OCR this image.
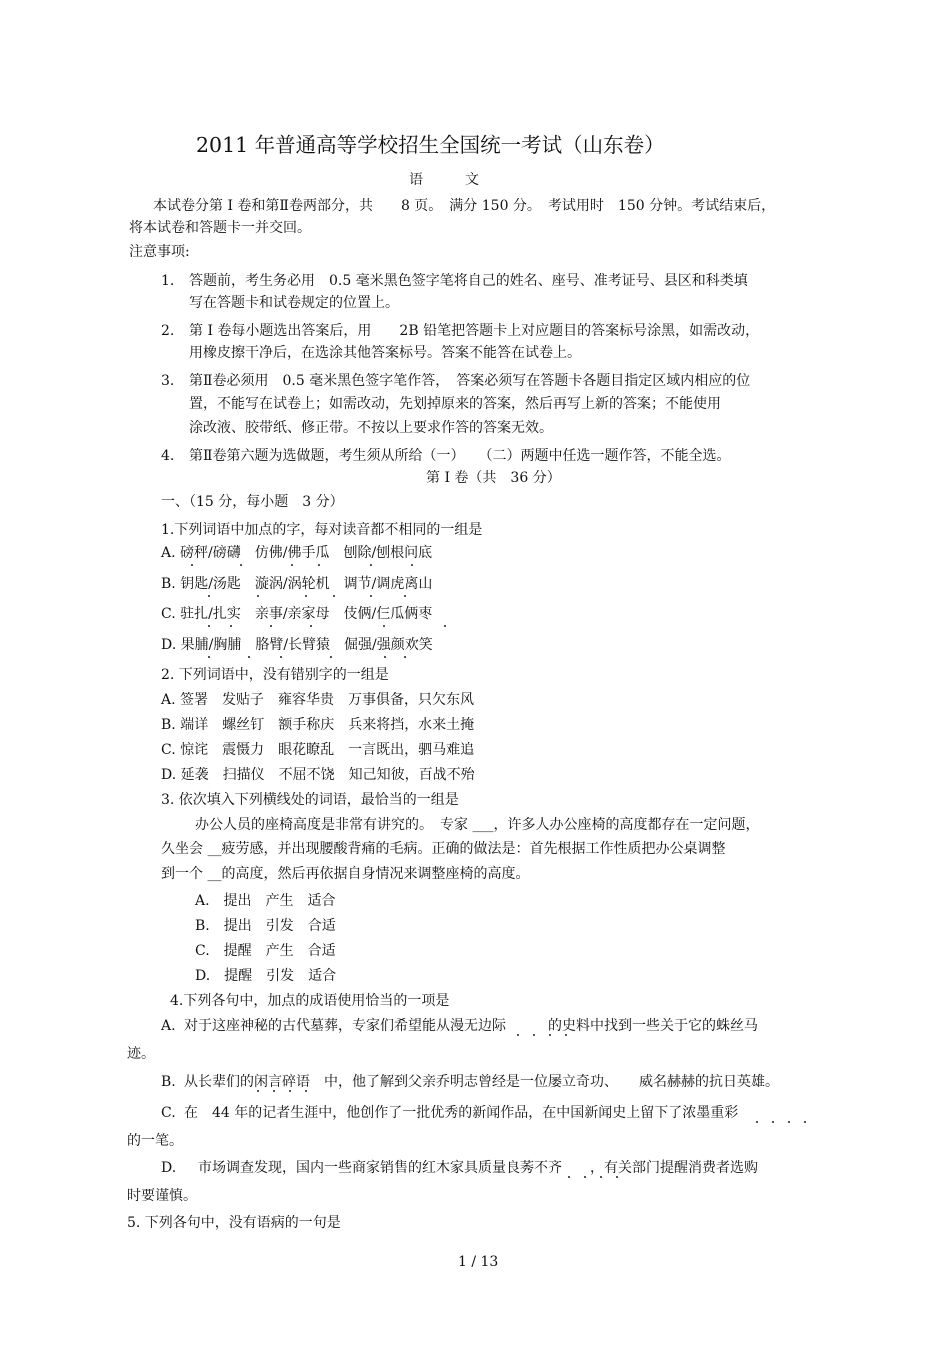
2011 年普通高等学校招生全国统一考试（山东卷）
语　　　文
本试卷分第 I 卷和第Ⅱ卷两部分，共　　8 页。　满分 150 分。　考试用时　150 分钟。考试结束后，
将本试卷和答题卡一并交回。
注意事项:
1. 答题前，考生务必用　0.5 毫米黑色签字笔将自己的姓名、座号、准考证号、县区和科类填
写在答题卡和试卷规定的位置上。
2. 第 I 卷每小题选出答案后，用　　2B 铅笔把答题卡上对应题目的答案标号涂黑，如需改动，
用橡皮擦干净后，在选涂其他答案标号。答案不能答在试卷上。
3. 第Ⅱ卷必须用　0.5 毫米黑色签字笔作答，　答案必须写在答题卡各题目指定区域内相应的位
置，不能写在试卷上；如需改动，先划掉原来的答案，然后再写上新的答案；不能使用
涂改液、胶带纸、修正带。不按以上要求作答的答案无效。
4. 第Ⅱ卷第六题为选做题，考生须从所给（一）　　（二）两题中任选一题作答，不能全选。
第 I 卷（共　36 分）
一、（15 分，每小题　3 分）
1.下列词语中加点的字，每对读音都不相同的一组是
A. 磅秤/磅礴　仿佛/佛手瓜　刨除/刨根问底
B. 钥匙/汤匙　漩涡/涡轮机　调节/调虎离山
C. 驻扎/扎实　亲事/亲家母　伎俩/仨瓜俩枣
D. 果脯/胸脯　胳臂/长臂猿　倔强/强颜欢笑
2. 下列词语中，没有错别字的一组是
A. 签署　发贴子　雍容华贵　万事俱备，只欠东风
B. 端详　螺丝钉　额手称庆　兵来将挡，水来土掩
C. 惊诧　震慑力　眼花瞭乱　一言既出，驷马难追
D. 延袭　扫描仪　不屈不饶　知己知彼，百战不殆
3. 依次填入下列横线处的词语，最恰当的一组是
办公人员的座椅高度是非常有讲究的。　专家 ___，许多人办公座椅的高度都存在一定问题，
久坐会 __疲劳感，并出现腰酸背痛的毛病。正确的做法是：首先根据工作性质把办公桌调整
到一个 __的高度，然后再依据自身情况来调整座椅的高度。
A.　提出　产生　适合
B.　提出　引发　合适
C.　提醒　产生　合适
D.　提醒　引发　适合
4.下列各句中，加点的成语使用恰当的一项是
A. 对于这座神秘的古代墓葬，专家们希望能从漫无边际　　　的史料中找到一些关于它的蛛丝马
迹。
B. 从长辈们的闲言碎语　中，他了解到父亲乔明志曾经是一位屡立奇功、　　威名赫赫的抗日英雄。
C. 在　44 年的记者生涯中，他创作了一批优秀的新闻作品，在中国新闻史上留下了浓墨重彩
的一笔。
D. 市场调查发现，国内一些商家销售的红木家具质量良莠不齐　　，有关部门提醒消费者选购
时要谨慎。
5. 下列各句中，没有语病的一句是
1 / 13
